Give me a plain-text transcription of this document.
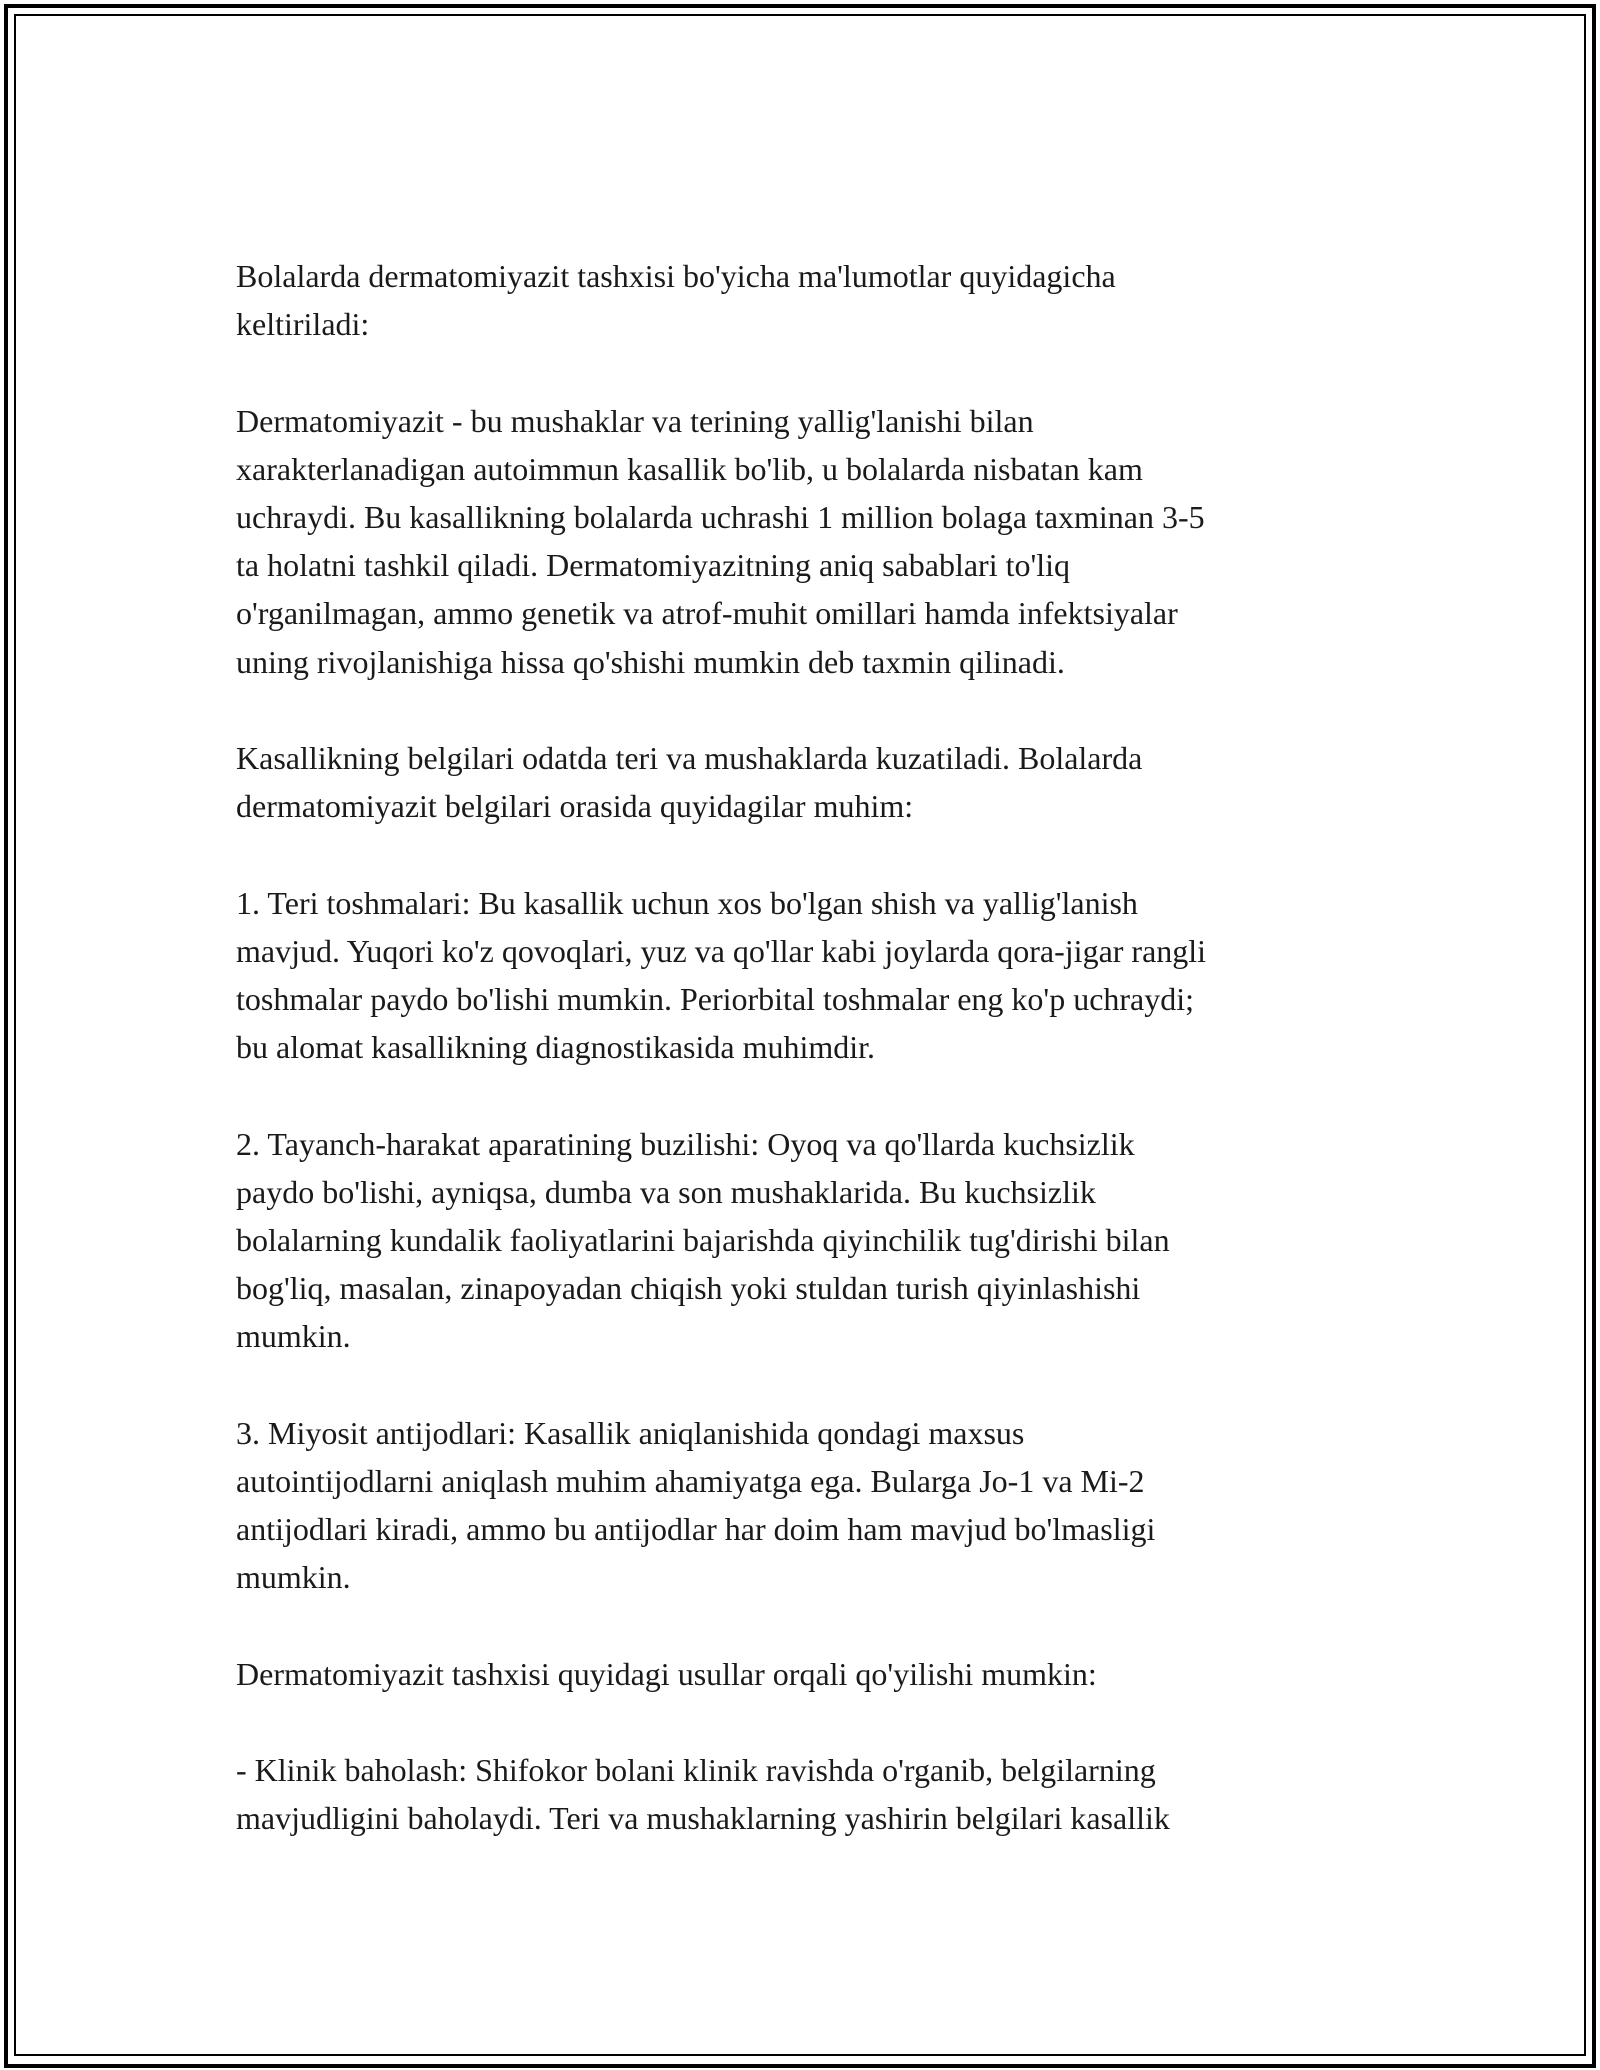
Bolalarda dermatomiyazit tashxisi bo'yicha ma'lumotlar quyidagicha
keltiriladi:

Dermatomiyazit - bu mushaklar va terining yallig'lanishi bilan
xarakterlanadigan autoimmun kasallik bo'lib, u bolalarda nisbatan kam
uchraydi. Bu kasallikning bolalarda uchrashi 1 million bolaga taxminan 3-5
ta holatni tashkil qiladi. Dermatomiyazitning aniq sabablari to'liq
o'rganilmagan, ammo genetik va atrof-muhit omillari hamda infektsiyalar
uning rivojlanishiga hissa qo'shishi mumkin deb taxmin qilinadi.

Kasallikning belgilari odatda teri va mushaklarda kuzatiladi. Bolalarda
dermatomiyazit belgilari orasida quyidagilar muhim:

1. Teri toshmalari: Bu kasallik uchun xos bo'lgan shish va yallig'lanish
mavjud. Yuqori ko'z qovoqlari, yuz va qo'llar kabi joylarda qora-jigar rangli
toshmalar paydo bo'lishi mumkin. Periorbital toshmalar eng ko'p uchraydi;
bu alomat kasallikning diagnostikasida muhimdir.

2. Tayanch-harakat aparatining buzilishi: Oyoq va qo'llarda kuchsizlik
paydo bo'lishi, ayniqsa, dumba va son mushaklarida. Bu kuchsizlik
bolalarning kundalik faoliyatlarini bajarishda qiyinchilik tug'dirishi bilan
bog'liq, masalan, zinapoyadan chiqish yoki stuldan turish qiyinlashishi
mumkin.

3. Miyosit antijodlari: Kasallik aniqlanishida qondagi maxsus
autointijodlarni aniqlash muhim ahamiyatga ega. Bularga Jo-1 va Mi-2
antijodlari kiradi, ammo bu antijodlar har doim ham mavjud bo'lmasligi
mumkin.

Dermatomiyazit tashxisi quyidagi usullar orqali qo'yilishi mumkin:

- Klinik baholash: Shifokor bolani klinik ravishda o'rganib, belgilarning
mavjudligini baholaydi. Teri va mushaklarning yashirin belgilari kasallik
